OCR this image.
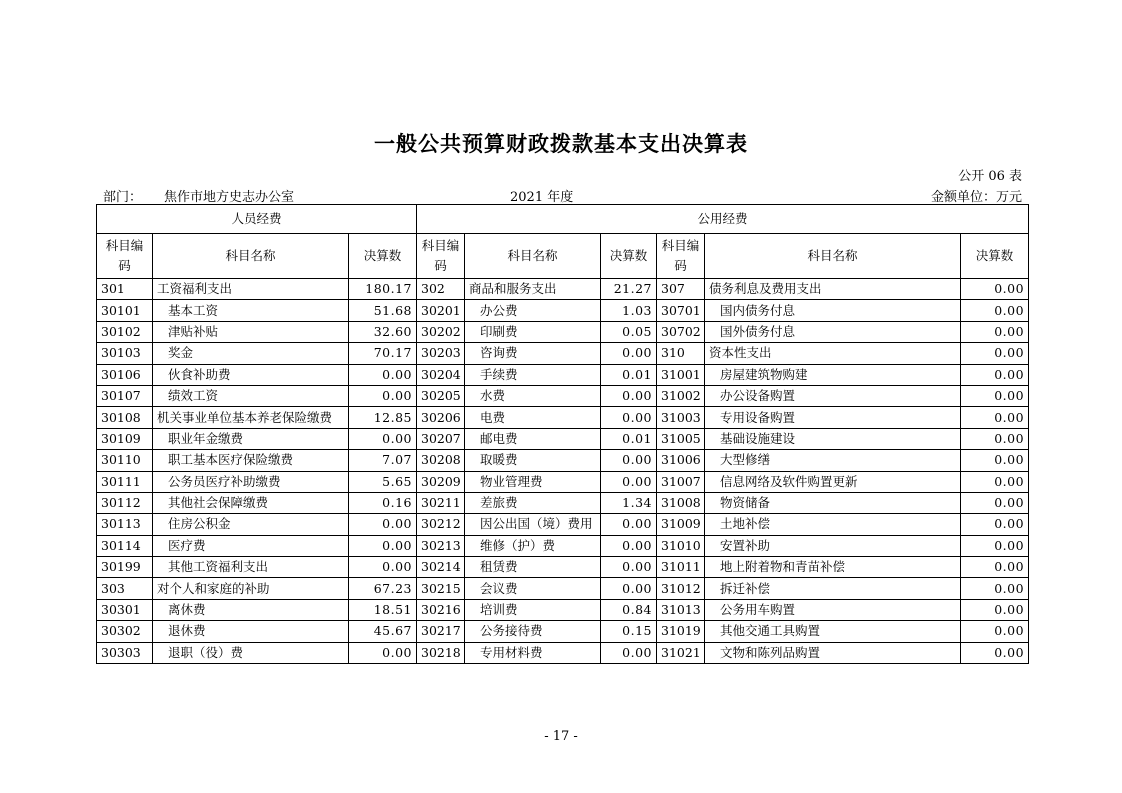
一般公共预算财政拨款基本支出决算表
公开 06 表
部门： 焦作市地方史志办公室	2021 年度	金额单位：万元
人员经费			公用经费					
科目编码	科目名称	决算数	科目编码	科目名称	决算数	科目编码	科目名称	决算数
301	工资福利支出	180.17	302	商品和服务支出	21.27	307	债务利息及费用支出	0.00
30101	基本工资	51.68	30201	办公费	1.03	30701	国内债务付息	0.00
30102	津贴补贴	32.60	30202	印刷费	0.05	30702	国外债务付息	0.00
30103	奖金	70.17	30203	咨询费	0.00	310	资本性支出	0.00
30106	伙食补助费	0.00	30204	手续费	0.01	31001	房屋建筑物购建	0.00
30107	绩效工资	0.00	30205	水费	0.00	31002	办公设备购置	0.00
30108	机关事业单位基本养老保险缴费	12.85	30206	电费	0.00	31003	专用设备购置	0.00
30109	职业年金缴费	0.00	30207	邮电费	0.01	31005	基础设施建设	0.00
30110	职工基本医疗保险缴费	7.07	30208	取暖费	0.00	31006	大型修缮	0.00
30111	公务员医疗补助缴费	5.65	30209	物业管理费	0.00	31007	信息网络及软件购置更新	0.00
30112	其他社会保障缴费	0.16	30211	差旅费	1.34	31008	物资储备	0.00
30113	住房公积金	0.00	30212	因公出国（境）费用	0.00	31009	土地补偿	0.00
30114	医疗费	0.00	30213	维修（护）费	0.00	31010	安置补助	0.00
30199	其他工资福利支出	0.00	30214	租赁费	0.00	31011	地上附着物和青苗补偿	0.00
303	对个人和家庭的补助	67.23	30215	会议费	0.00	31012	拆迁补偿	0.00
30301	离休费	18.51	30216	培训费	0.84	31013	公务用车购置	0.00
30302	退休费	45.67	30217	公务接待费	0.15	31019	其他交通工具购置	0.00
30303	退职（役）费	0.00	30218	专用材料费	0.00	31021	文物和陈列品购置	0.00
- 17 -
